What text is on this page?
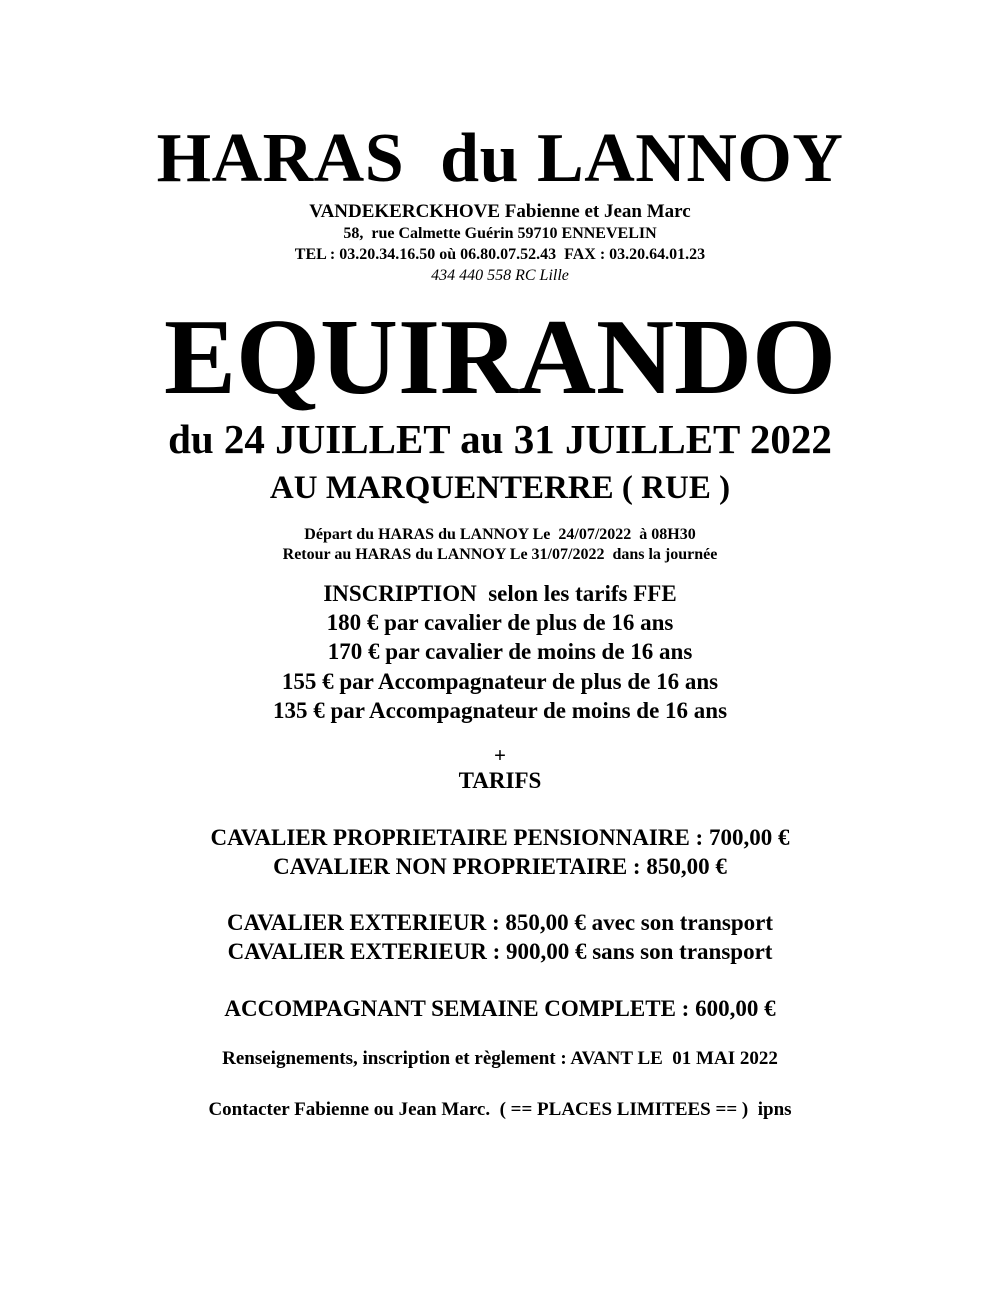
HARAS  du LANNOY
VANDEKERCKHOVE Fabienne et Jean Marc
58,  rue Calmette Guérin 59710 ENNEVELIN
TEL : 03.20.34.16.50 où 06.80.07.52.43  FAX : 03.20.64.01.23
434 440 558 RC Lille
EQUIRANDO
du 24 JUILLET au 31 JUILLET 2022
AU MARQUENTERRE ( RUE )
Départ du HARAS du LANNOY Le  24/07/2022  à 08H30
Retour au HARAS du LANNOY Le 31/07/2022  dans la journée
INSCRIPTION  selon les tarifs FFE
180 € par cavalier de plus de 16 ans
170 € par cavalier de moins de 16 ans
155 € par Accompagnateur de plus de 16 ans
135 € par Accompagnateur de moins de 16 ans
+
TARIFS
CAVALIER PROPRIETAIRE PENSIONNAIRE : 700,00 €
CAVALIER NON PROPRIETAIRE : 850,00 €
CAVALIER EXTERIEUR : 850,00 € avec son transport
CAVALIER EXTERIEUR : 900,00 € sans son transport
ACCOMPAGNANT SEMAINE COMPLETE : 600,00 €
Renseignements, inscription et règlement : AVANT LE  01 MAI 2022
Contacter Fabienne ou Jean Marc.  ( == PLACES LIMITEES == )  ipns
